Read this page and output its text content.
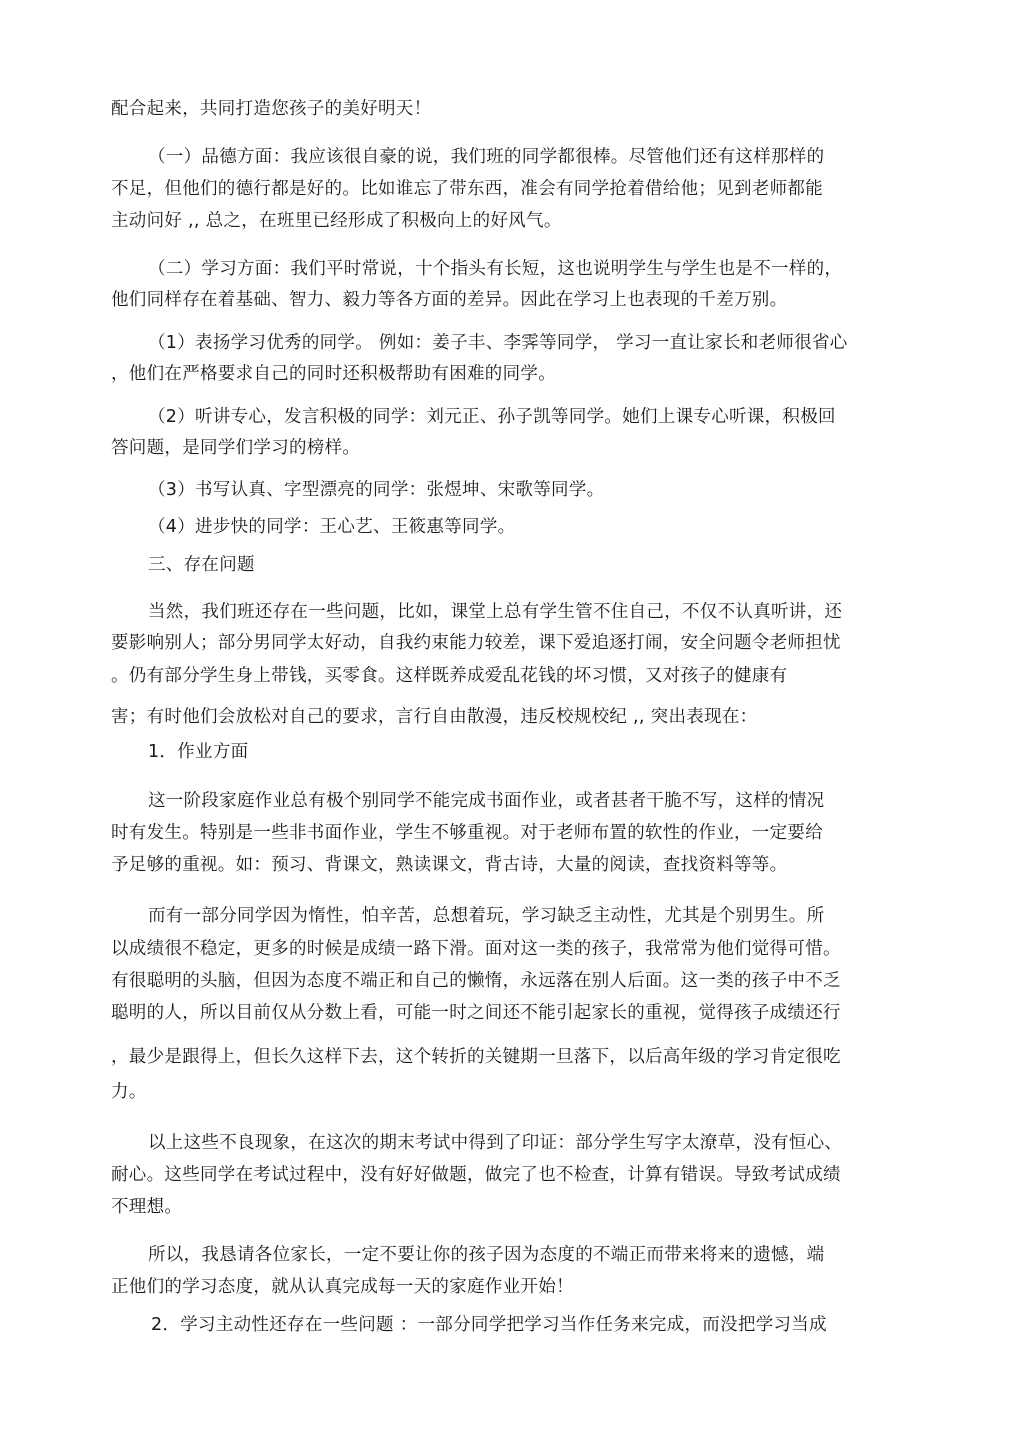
配合起来，共同打造您孩子的美好明天！
（一）品德方面：我应该很自豪的说，我们班的同学都很棒。尽管他们还有这样那样的
不足，但他们的德行都是好的。比如谁忘了带东西，准会有同学抢着借给他；见到老师都能
主动问好 ,, 总之，在班里已经形成了积极向上的好风气。
（二）学习方面：我们平时常说，十个指头有长短，这也说明学生与学生也是不一样的，
他们同样存在着基础、智力、毅力等各方面的差异。因此在学习上也表现的千差万别。
（1）表扬学习优秀的同学。 例如：姜子丰、李霁等同学， 学习一直让家长和老师很省心
，他们在严格要求自己的同时还积极帮助有困难的同学。
（2）听讲专心，发言积极的同学：刘元正、孙子凯等同学。她们上课专心听课，积极回
答问题，是同学们学习的榜样。
（3）书写认真、字型漂亮的同学：张煜坤、宋歌等同学。
（4）进步快的同学：王心艺、王筱惠等同学。
三、存在问题
当然，我们班还存在一些问题，比如，课堂上总有学生管不住自己，不仅不认真听讲，还
要影响别人；部分男同学太好动，自我约束能力较差，课下爱追逐打闹，安全问题令老师担忧
。仍有部分学生身上带钱，买零食。这样既养成爱乱花钱的坏习惯，又对孩子的健康有
害；有时他们会放松对自己的要求，言行自由散漫，违反校规校纪 ,, 突出表现在：
1．作业方面
这一阶段家庭作业总有极个别同学不能完成书面作业，或者甚者干脆不写，这样的情况
时有发生。特别是一些非书面作业，学生不够重视。对于老师布置的软性的作业，一定要给
予足够的重视。如：预习、背课文，熟读课文，背古诗，大量的阅读，查找资料等等。
而有一部分同学因为惰性，怕辛苦，总想着玩，学习缺乏主动性，尤其是个别男生。所
以成绩很不稳定，更多的时候是成绩一路下滑。面对这一类的孩子，我常常为他们觉得可惜。
有很聪明的头脑，但因为态度不端正和自己的懒惰，永远落在别人后面。这一类的孩子中不乏
聪明的人，所以目前仅从分数上看，可能一时之间还不能引起家长的重视，觉得孩子成绩还行
，最少是跟得上，但长久这样下去，这个转折的关键期一旦落下，以后高年级的学习肯定很吃
力。
以上这些不良现象，在这次的期末考试中得到了印证：部分学生写字太潦草，没有恒心、
耐心。这些同学在考试过程中，没有好好做题，做完了也不检查，计算有错误。导致考试成绩
不理想。
所以，我恳请各位家长，一定不要让你的孩子因为态度的不端正而带来将来的遗憾，端
正他们的学习态度，就从认真完成每一天的家庭作业开始！
2．学习主动性还存在一些问题 ：一部分同学把学习当作任务来完成，而没把学习当成
